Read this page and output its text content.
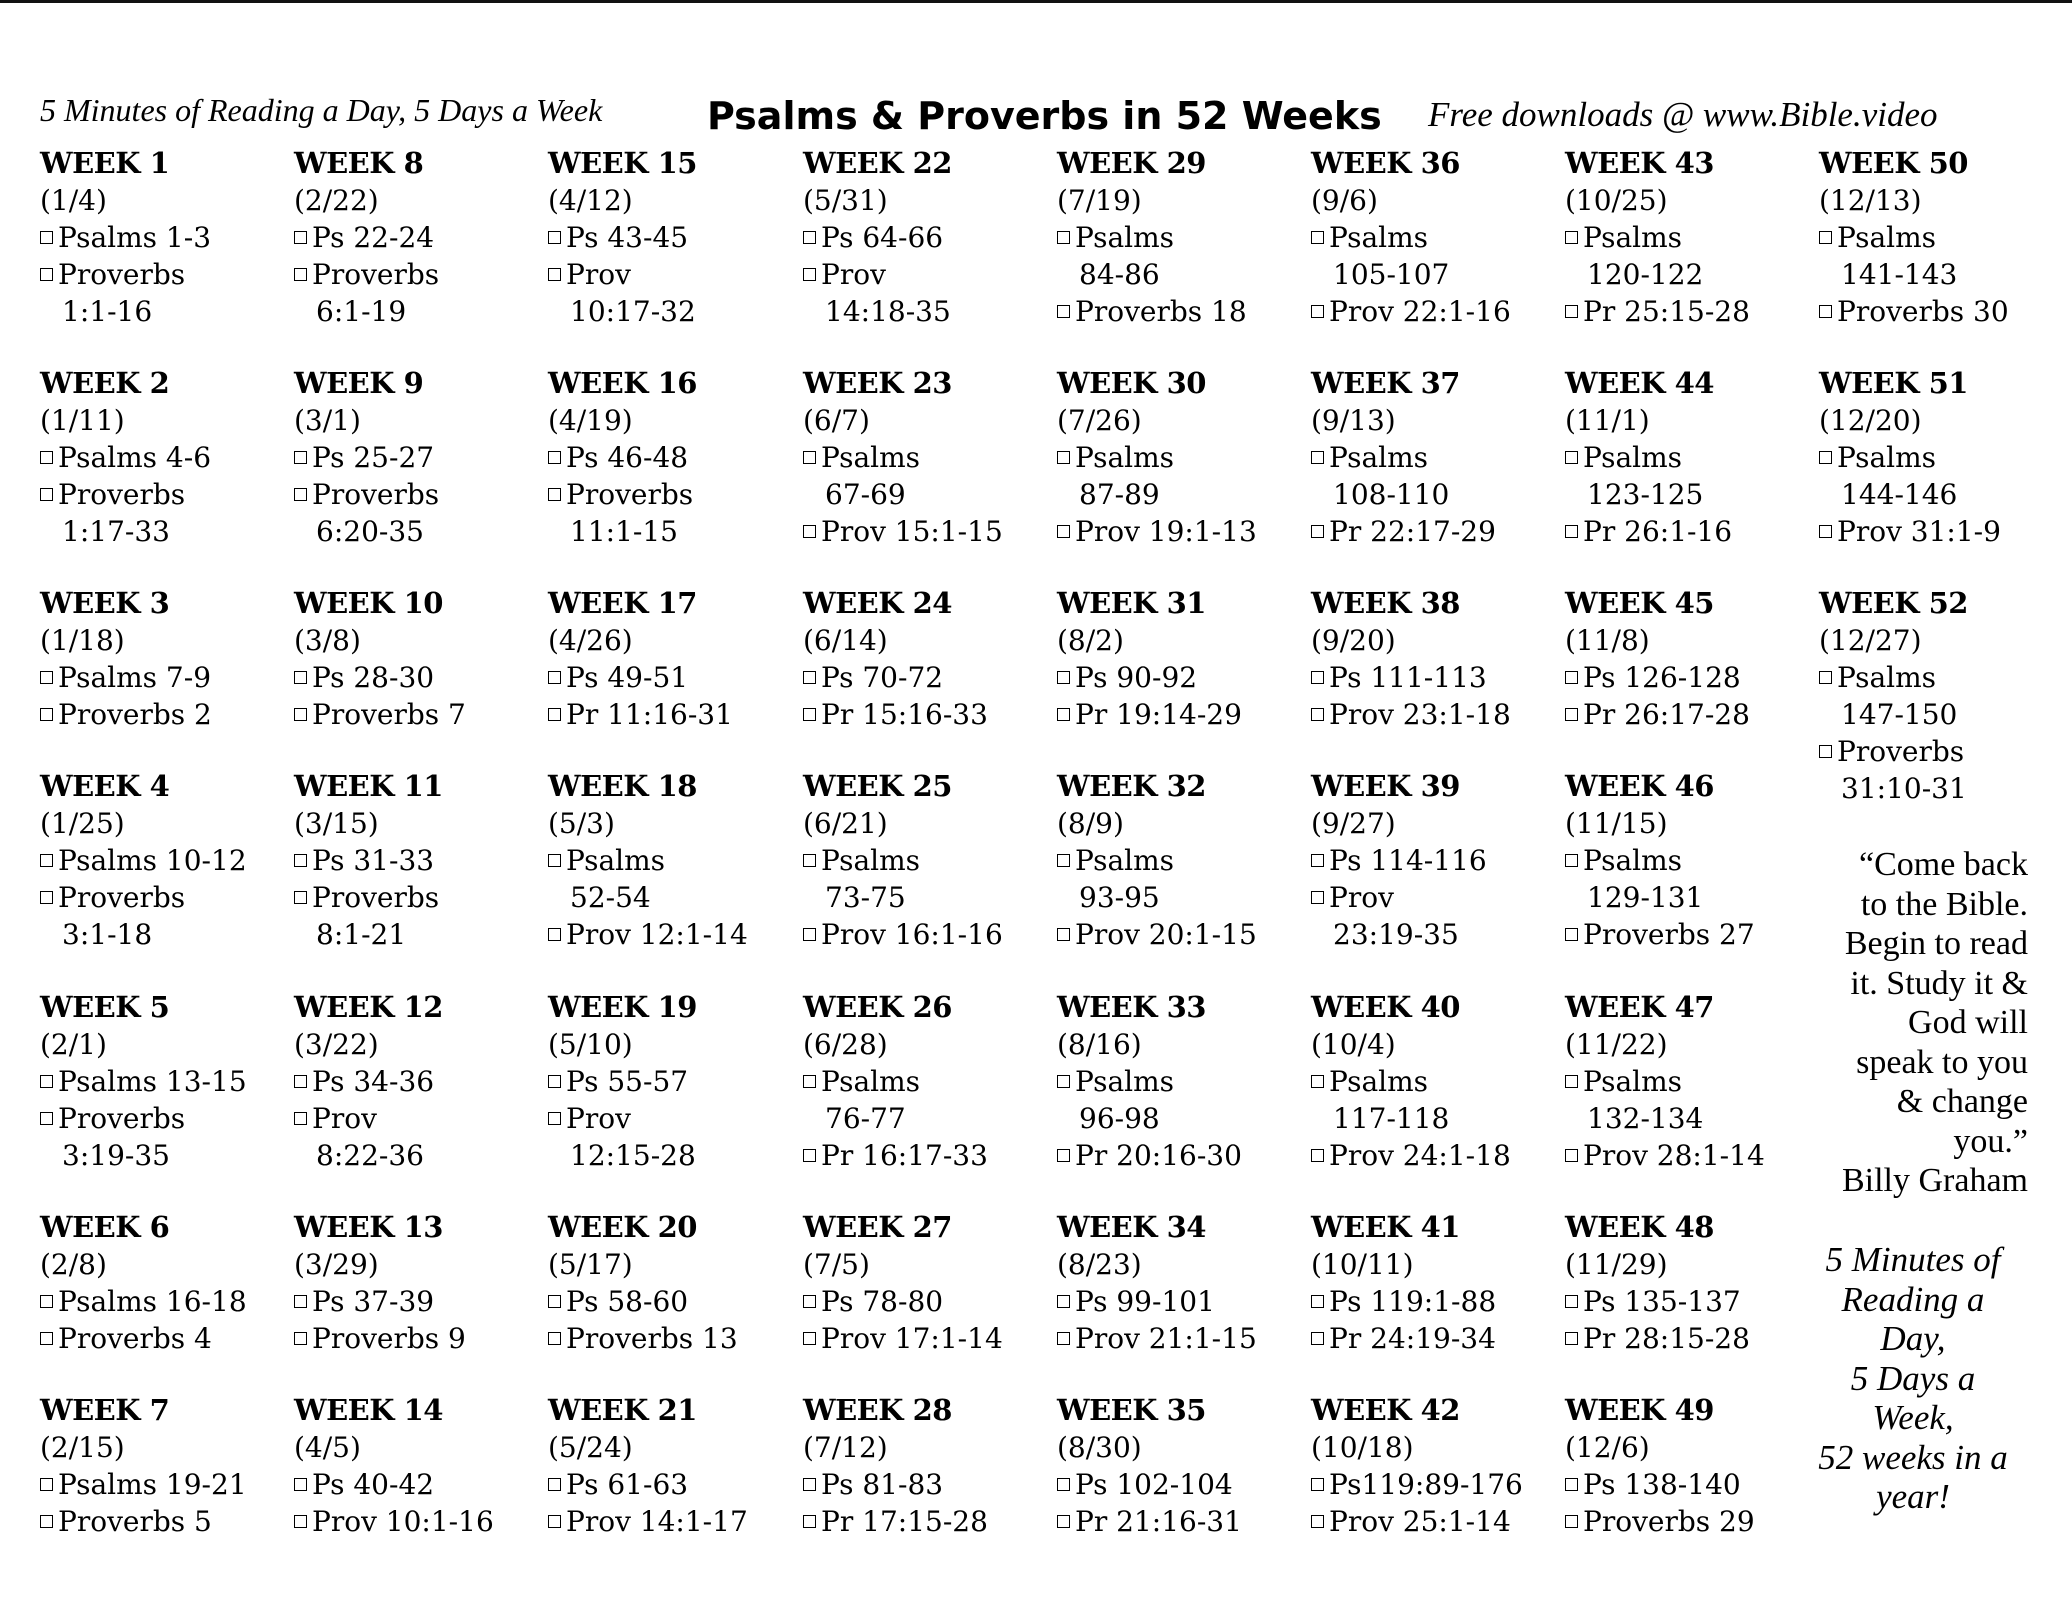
5 Minutes of Reading a Day, 5 Days a Week	Psalms & Proverbs in 52 Weeks Free downloads @ www.Bible.video
WEEK 1
(1/4)
Psalms 1-3
Proverbs
1:1-16
WEEK 2
(1/11)
Psalms 4-6
Proverbs
1:17-33
WEEK 3
(1/18)
Psalms 7-9
Proverbs 2
WEEK 4
(1/25)
Psalms 10-12
Proverbs
3:1-18
WEEK 5
(2/1)
Psalms 13-15
Proverbs
3:19-35
WEEK 6
(2/8)
Psalms 16-18
Proverbs 4
WEEK 7
(2/15)
Psalms 19-21
Proverbs 5
WEEK 8
(2/22)
Ps 22-24
Proverbs
6:1-19
WEEK 9
(3/1)
Ps 25-27
Proverbs
6:20-35
WEEK 10
(3/8)
Ps 28-30
Proverbs 7
WEEK 11
(3/15)
Ps 31-33
Proverbs
8:1-21
WEEK 12
(3/22)
Ps 34-36
Prov
8:22-36
WEEK 13
(3/29)
Ps 37-39
Proverbs 9
WEEK 14
(4/5)
Ps 40-42
Prov 10:1-16
WEEK 15
(4/12)
Ps 43-45
Prov
10:17-32
WEEK 16
(4/19)
Ps 46-48
Proverbs
11:1-15
WEEK 17
(4/26)
Ps 49-51
Pr 11:16-31
WEEK 18
(5/3)
Psalms
52-54
Prov 12:1-14
WEEK 19
(5/10)
Ps 55-57
Prov
12:15-28
WEEK 20
(5/17)
Ps 58-60
Proverbs 13
WEEK 21
(5/24)
Ps 61-63
Prov 14:1-17
WEEK 22
(5/31)
Ps 64-66
Prov
14:18-35
WEEK 23
(6/7)
Psalms
67-69
Prov 15:1-15
WEEK 24
(6/14)
Ps 70-72
Pr 15:16-33
WEEK 25
(6/21)
Psalms
73-75
Prov 16:1-16
WEEK 26
(6/28)
Psalms
76-77
Pr 16:17-33
WEEK 27
(7/5)
Ps 78-80
Prov 17:1-14
WEEK 28
(7/12)
Ps 81-83
Pr 17:15-28
WEEK 29
(7/19)
Psalms
84-86
Proverbs 18
WEEK 30
(7/26)
Psalms
87-89
Prov 19:1-13
WEEK 31
(8/2)
Ps 90-92
Pr 19:14-29
WEEK 32
(8/9)
Psalms
93-95
Prov 20:1-15
WEEK 33
(8/16)
Psalms
96-98
Pr 20:16-30
WEEK 34
(8/23)
Ps 99-101
Prov 21:1-15
WEEK 35
(8/30)
Ps 102-104
Pr 21:16-31
WEEK 36
(9/6)
Psalms
105-107
Prov 22:1-16
WEEK 37
(9/13)
Psalms
108-110
Pr 22:17-29
WEEK 38
(9/20)
Ps 111-113
Prov 23:1-18
WEEK 39
(9/27)
Ps 114-116
Prov
23:19-35
WEEK 40
(10/4)
Psalms
117-118
Prov 24:1-18
WEEK 41
(10/11)
Ps 119:1-88
Pr 24:19-34
WEEK 42
(10/18)
Ps119:89-176
Prov 25:1-14
WEEK 43
(10/25)
Psalms
120-122
Pr 25:15-28
WEEK 44
(11/1)
Psalms
123-125
Pr 26:1-16
WEEK 45
(11/8)
Ps 126-128
Pr 26:17-28
WEEK 46
(11/15)
Psalms
129-131
Proverbs 27
WEEK 47
(11/22)
Psalms
132-134
Prov 28:1-14
WEEK 48
(11/29)
Ps 135-137
Pr 28:15-28
WEEK 49
(12/6)
Ps 138-140
Proverbs 29
WEEK 50
(12/13)
Psalms
141-143
Proverbs 30
WEEK 51
(12/20)
Psalms
144-146
Prov 31:1-9
WEEK 52
(12/27)
Psalms
147-150
Proverbs
31:10-31
“Come back
to the Bible.
Begin to read
it. Study it &
God will
speak to you
& change
you.”
Billy Graham
5 Minutes of
Reading a
Day,
5 Days a
Week,
52 weeks in a
year!
